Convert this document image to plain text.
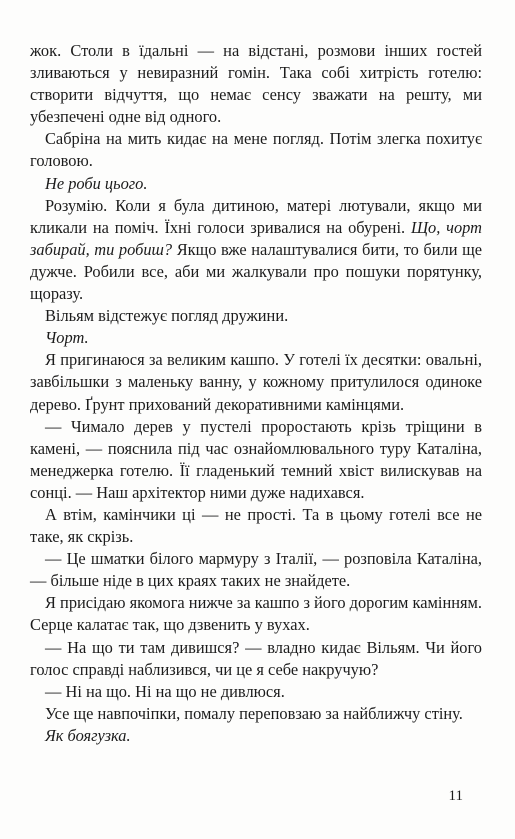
жок. Столи в їдальні — на відстані, розмови інших гостей зливаються у невиразний гомін. Така собі хитрість готелю: створити відчуття, що немає сенсу зважати на решту, ми убезпечені одне від одного.

Сабріна на мить кидає на мене погляд. Потім злегка похитує головою.

Не роби цього.

Розумію. Коли я була дитиною, матері лютували, якщо ми кликали на поміч. Їхні голоси зривалися на обурені. Що, чорт забирай, ти робиш? Якщо вже налаштувалися бити, то били ще дужче. Робили все, аби ми жалкували про пошуки порятунку, щоразу.

Вільям відстежує погляд дружини.

Чорт.

Я пригинаюся за великим кашпо. У готелі їх десятки: овальні, завбільшки з маленьку ванну, у кожному притулилося одиноке дерево. Ґрунт прихований декоративними камінцями.

— Чимало дерев у пустелі проростають крізь тріщини в камені, — пояснила під час ознайомлювального туру Каталіна, менеджерка готелю. Її гладенький темний хвіст вилискував на сонці. — Наш архітектор ними дуже надихався.

А втім, камінчики ці — не прості. Та в цьому готелі все не таке, як скрізь.

— Це шматки білого мармуру з Італії, — розповіла Каталіна, — більше ніде в цих краях таких не знайдете.

Я присідаю якомога нижче за кашпо з його дорогим камінням. Серце калатає так, що дзвенить у вухах.

— На що ти там дивишся? — владно кидає Вільям. Чи його голос справді наблизився, чи це я себе накручую?

— Ні на що. Ні на що не дивлюся.

Усе ще навпочіпки, помалу переповзаю за найближчу стіну.

Як боягузка.

11
